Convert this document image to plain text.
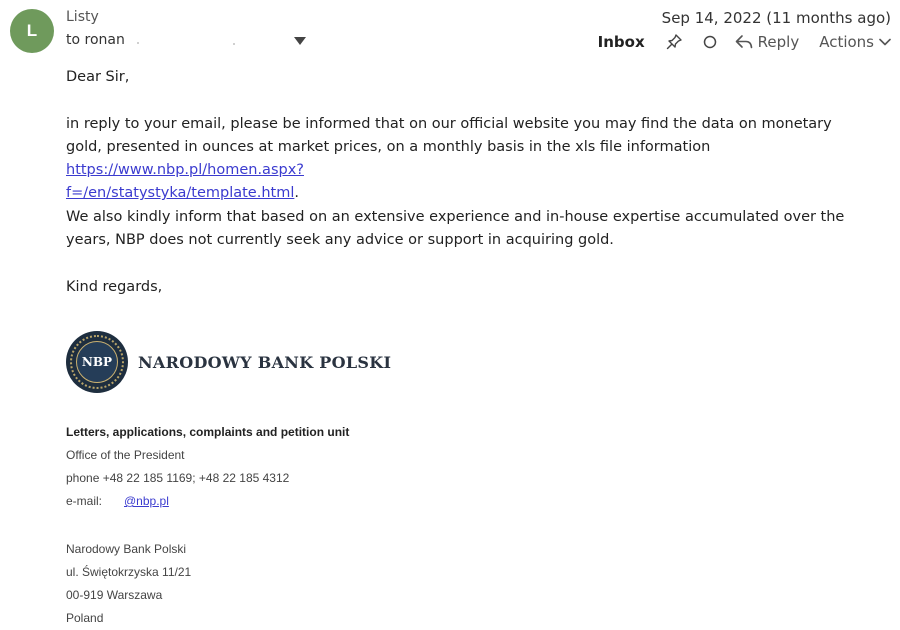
L
Listy
to
ronan
Sep 14, 2022 (11 months ago)
Inbox	Reply Actions

Dear Sir,

in reply to your email, please be informed that on our official website you may find the data on monetary gold, presented in ounces at market prices, on a monthly basis in the xls file information https://www.nbp.pl/homen.aspx?
f=/en/statystyka/template.html.

We also kindly inform that based on an extensive experience and in-house expertise accumulated over the years, NBP does not currently seek any advice or support in acquiring gold.

Kind regards,

NBP	NARODOWY BANK POLSKI

Letters, applications, complaints and petition unit

Office of the President

phone +48 22 185 1169; +48 22 185 4312

e-mail: @nbp.pl

Narodowy Bank Polski

ul. Świętokrzyska 11/21

00-919 Warszawa

Poland
